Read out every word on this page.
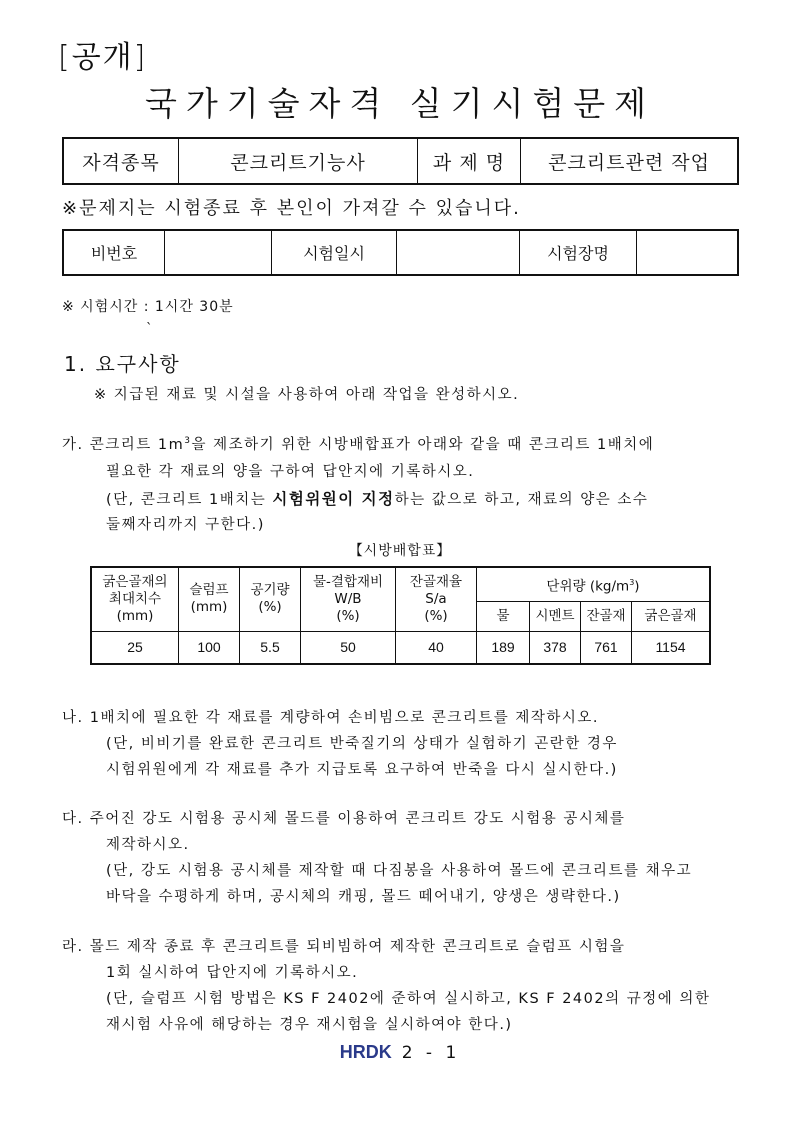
[공개]
국가기술자격 실기시험문제
자격종목	콘크리트기능사	과 제 명	콘크리트관련 작업
※문제지는 시험종료 후 본인이 가져갈 수 있습니다.
비번호		시험일시		시험장명	
※ 시험시간 : 1시간 30분
ˋ
1. 요구사항
※ 지급된 재료 및 시설을 사용하여 아래 작업을 완성하시오.
가. 콘크리트 $1m^3$을 제조하기 위한 시방배합표가 아래와 같을 때 콘크리트 1배치에
필요한 각 재료의 양을 구하여 답안지에 기록하시오.
(단, 콘크리트 1배치는 시험위원이 지정하는 값으로 하고, 재료의 양은 소수
둘째자리까지 구한다.)
【시방배합표】
굵은골재의
최대치수
(mm)	슬럼프
(mm)	공기량
(%)	물-결합재비
W/B
(%)	잔골재율
S/a
(%)	단위량 $(kg/m^3)$			
					물	시멘트	잔골재	굵은골재
25	100	5.5	50	40	189	378	761	1154
나. 1배치에 필요한 각 재료를 계량하여 손비빔으로 콘크리트를 제작하시오.
(단, 비비기를 완료한 콘크리트 반죽질기의 상태가 실험하기 곤란한 경우
시험위원에게 각 재료를 추가 지급토록 요구하여 반죽을 다시 실시한다.)
다. 주어진 강도 시험용 공시체 몰드를 이용하여 콘크리트 강도 시험용 공시체를
제작하시오.
(단, 강도 시험용 공시체를 제작할 때 다짐봉을 사용하여 몰드에 콘크리트를 채우고
바닥을 수평하게 하며, 공시체의 캐핑, 몰드 떼어내기, 양생은 생략한다.)
라. 몰드 제작 종료 후 콘크리트를 되비빔하여 제작한 콘크리트로 슬럼프 시험을
1회 실시하여 답안지에 기록하시오.
(단, 슬럼프 시험 방법은 KS F 2402에 준하여 실시하고, KS F 2402의 규정에 의한
재시험 사유에 해당하는 경우 재시험을 실시하여야 한다.)
HRDK 2 - 1
